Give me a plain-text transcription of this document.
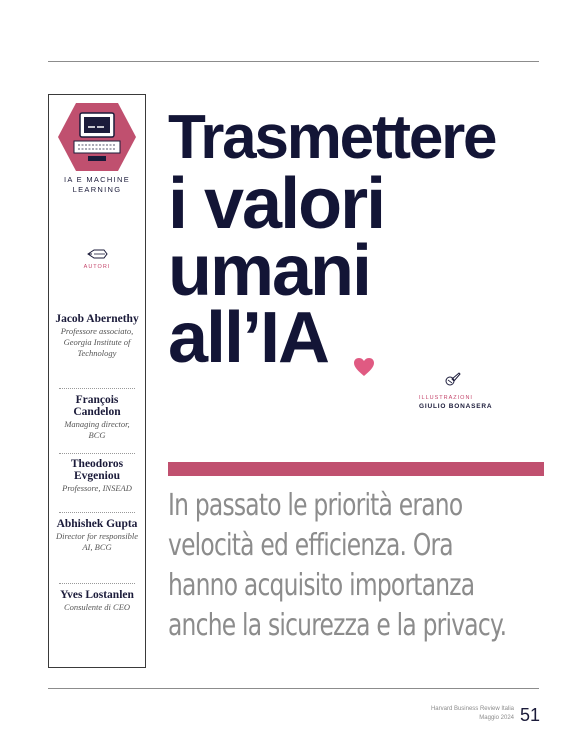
IA E MACHINE LEARNING
AUTORI
Jacob Abernethy
Professore associato, Georgia Institute of Technology
François Candelon
Managing director, BCG
Theodoros Evgeniou
Professore, INSEAD
Abhishek Gupta
Director for responsible AI, BCG
Yves Lostanlen
Consulente di CEO
Trasmettere
i valori
umani
all’IA
ILLUSTRAZIONI
GIULIO BONASERA

In passato le priorità erano
velocità ed efficienza. Ora
hanno acquisito importanza
anche la sicurezza e la privacy.

Harvard Business Review Italia
Maggio 2024 51
